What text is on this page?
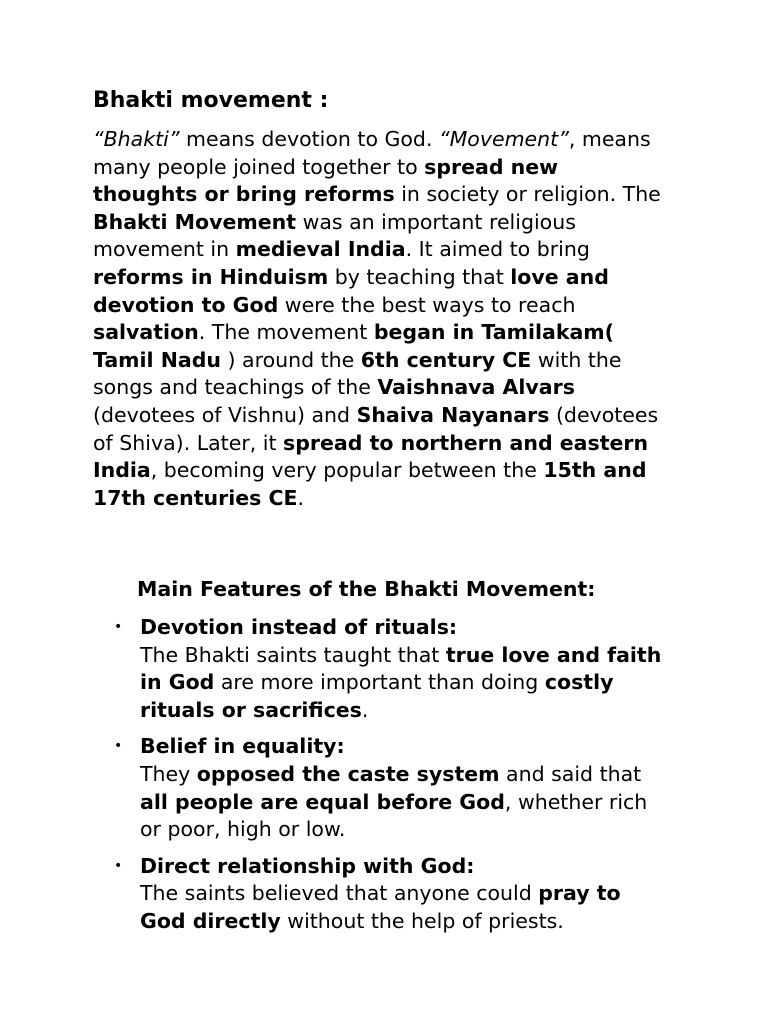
Bhakti movement :

“Bhakti” means devotion to God. “Movement”, means many people joined together to spread new thoughts or bring reforms in society or religion. The Bhakti Movement was an important religious movement in medieval India. It aimed to bring reforms in Hinduism by teaching that love and devotion to God were the best ways to reach salvation. The movement began in Tamilakam( Tamil Nadu ) around the 6th century CE with the songs and teachings of the Vaishnava Alvars (devotees of Vishnu) and Shaiva Nayanars (devotees of Shiva). Later, it spread to northern and eastern India, becoming very popular between the 15th and 17th centuries CE.

Main Features of the Bhakti Movement:
• Devotion instead of rituals:
The Bhakti saints taught that true love and faith in God are more important than doing costly rituals or sacrifices.
• Belief in equality:
They opposed the caste system and said that all people are equal before God, whether rich or poor, high or low.
• Direct relationship with God:
The saints believed that anyone could pray to God directly without the help of priests.
